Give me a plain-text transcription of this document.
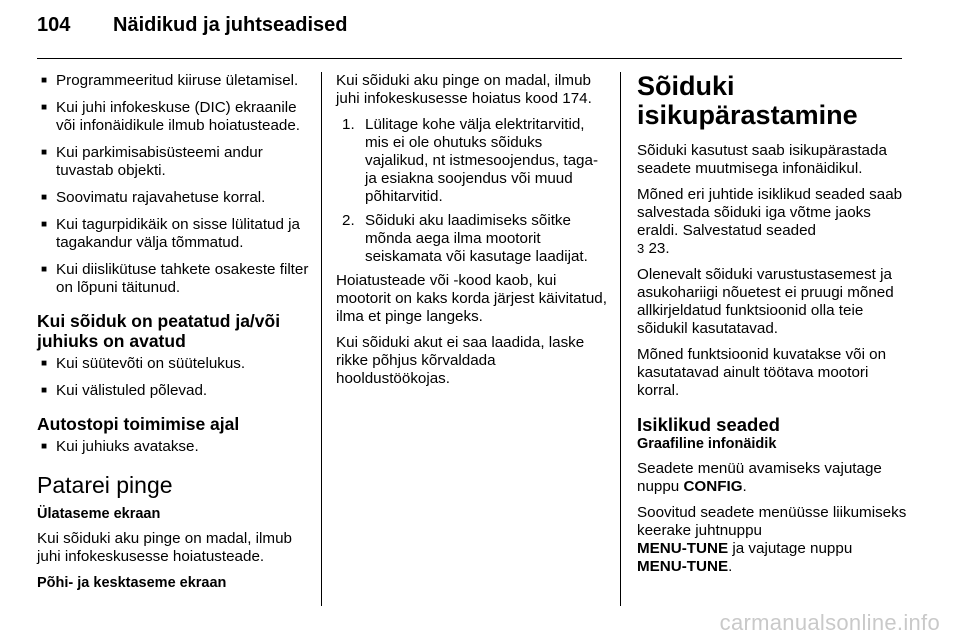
104	Näidikud ja juhtseadised
■ Programmeeritud kiiruse ületamisel.
■ Kui juhi infokeskuse (DIC) ekraanile või infonäidikule ilmub hoiatusteade.
■ Kui parkimisabisüsteemi andur tuvastab objekti.
■ Soovimatu rajavahetuse korral.
■ Kui tagurpidikäik on sisse lülitatud ja tagakandur välja tõmmatud.
■ Kui diislikütuse tahkete osakeste filter on lõpuni täitunud.
Kui sõiduk on peatatud ja/või juhiuks on avatud
■ Kui süütevõti on süütelukus.
■ Kui välistuled põlevad.
Autostopi toimimise ajal
■ Kui juhiuks avatakse.
Patarei pinge
Ülataseme ekraan

Kui sõiduki aku pinge on madal, ilmub juhi infokeskusesse hoiatusteade.

Põhi- ja kesktaseme ekraan

Kui sõiduki aku pinge on madal, ilmub juhi infokeskusesse hoiatus kood 174.

1. Lülitage kohe välja elektritarvitid, mis ei ole ohutuks sõiduks vajalikud, nt istmesoojendus, taga- ja esiakna soojendus või muud põhitarvitid.
2. Sõiduki aku laadimiseks sõitke mõnda aega ilma mootorit seiskamata või kasutage laadijat.

Hoiatusteade või -kood kaob, kui mootorit on kaks korda järjest käivitatud, ilma et pinge langeks.

Kui sõiduki akut ei saa laadida, laske rikke põhjus kõrvaldada hooldustöökojas.

Sõiduki isikupärastamine

Sõiduki kasutust saab isikupärastada seadete muutmisega infonäidikul.

Mõned eri juhtide isiklikud seaded saab salvestada sõiduki iga võtme jaoks eraldi. Salvestatud seaded
3 23.

Olenevalt sõiduki varustustasemest ja asukohariigi nõuetest ei pruugi mõned allkirjeldatud funktsioonid olla teie sõidukil kasutatavad.

Mõned funktsioonid kuvatakse või on kasutatavad ainult töötava mootori korral.

Isiklikud seaded
Graafiline infonäidik

Seadete menüü avamiseks vajutage nuppu CONFIG.

Soovitud seadete menüüsse liikumiseks keerake juhtnuppu
MENU-TUNE ja vajutage nuppu
MENU-TUNE.

carmanualsonline.info
